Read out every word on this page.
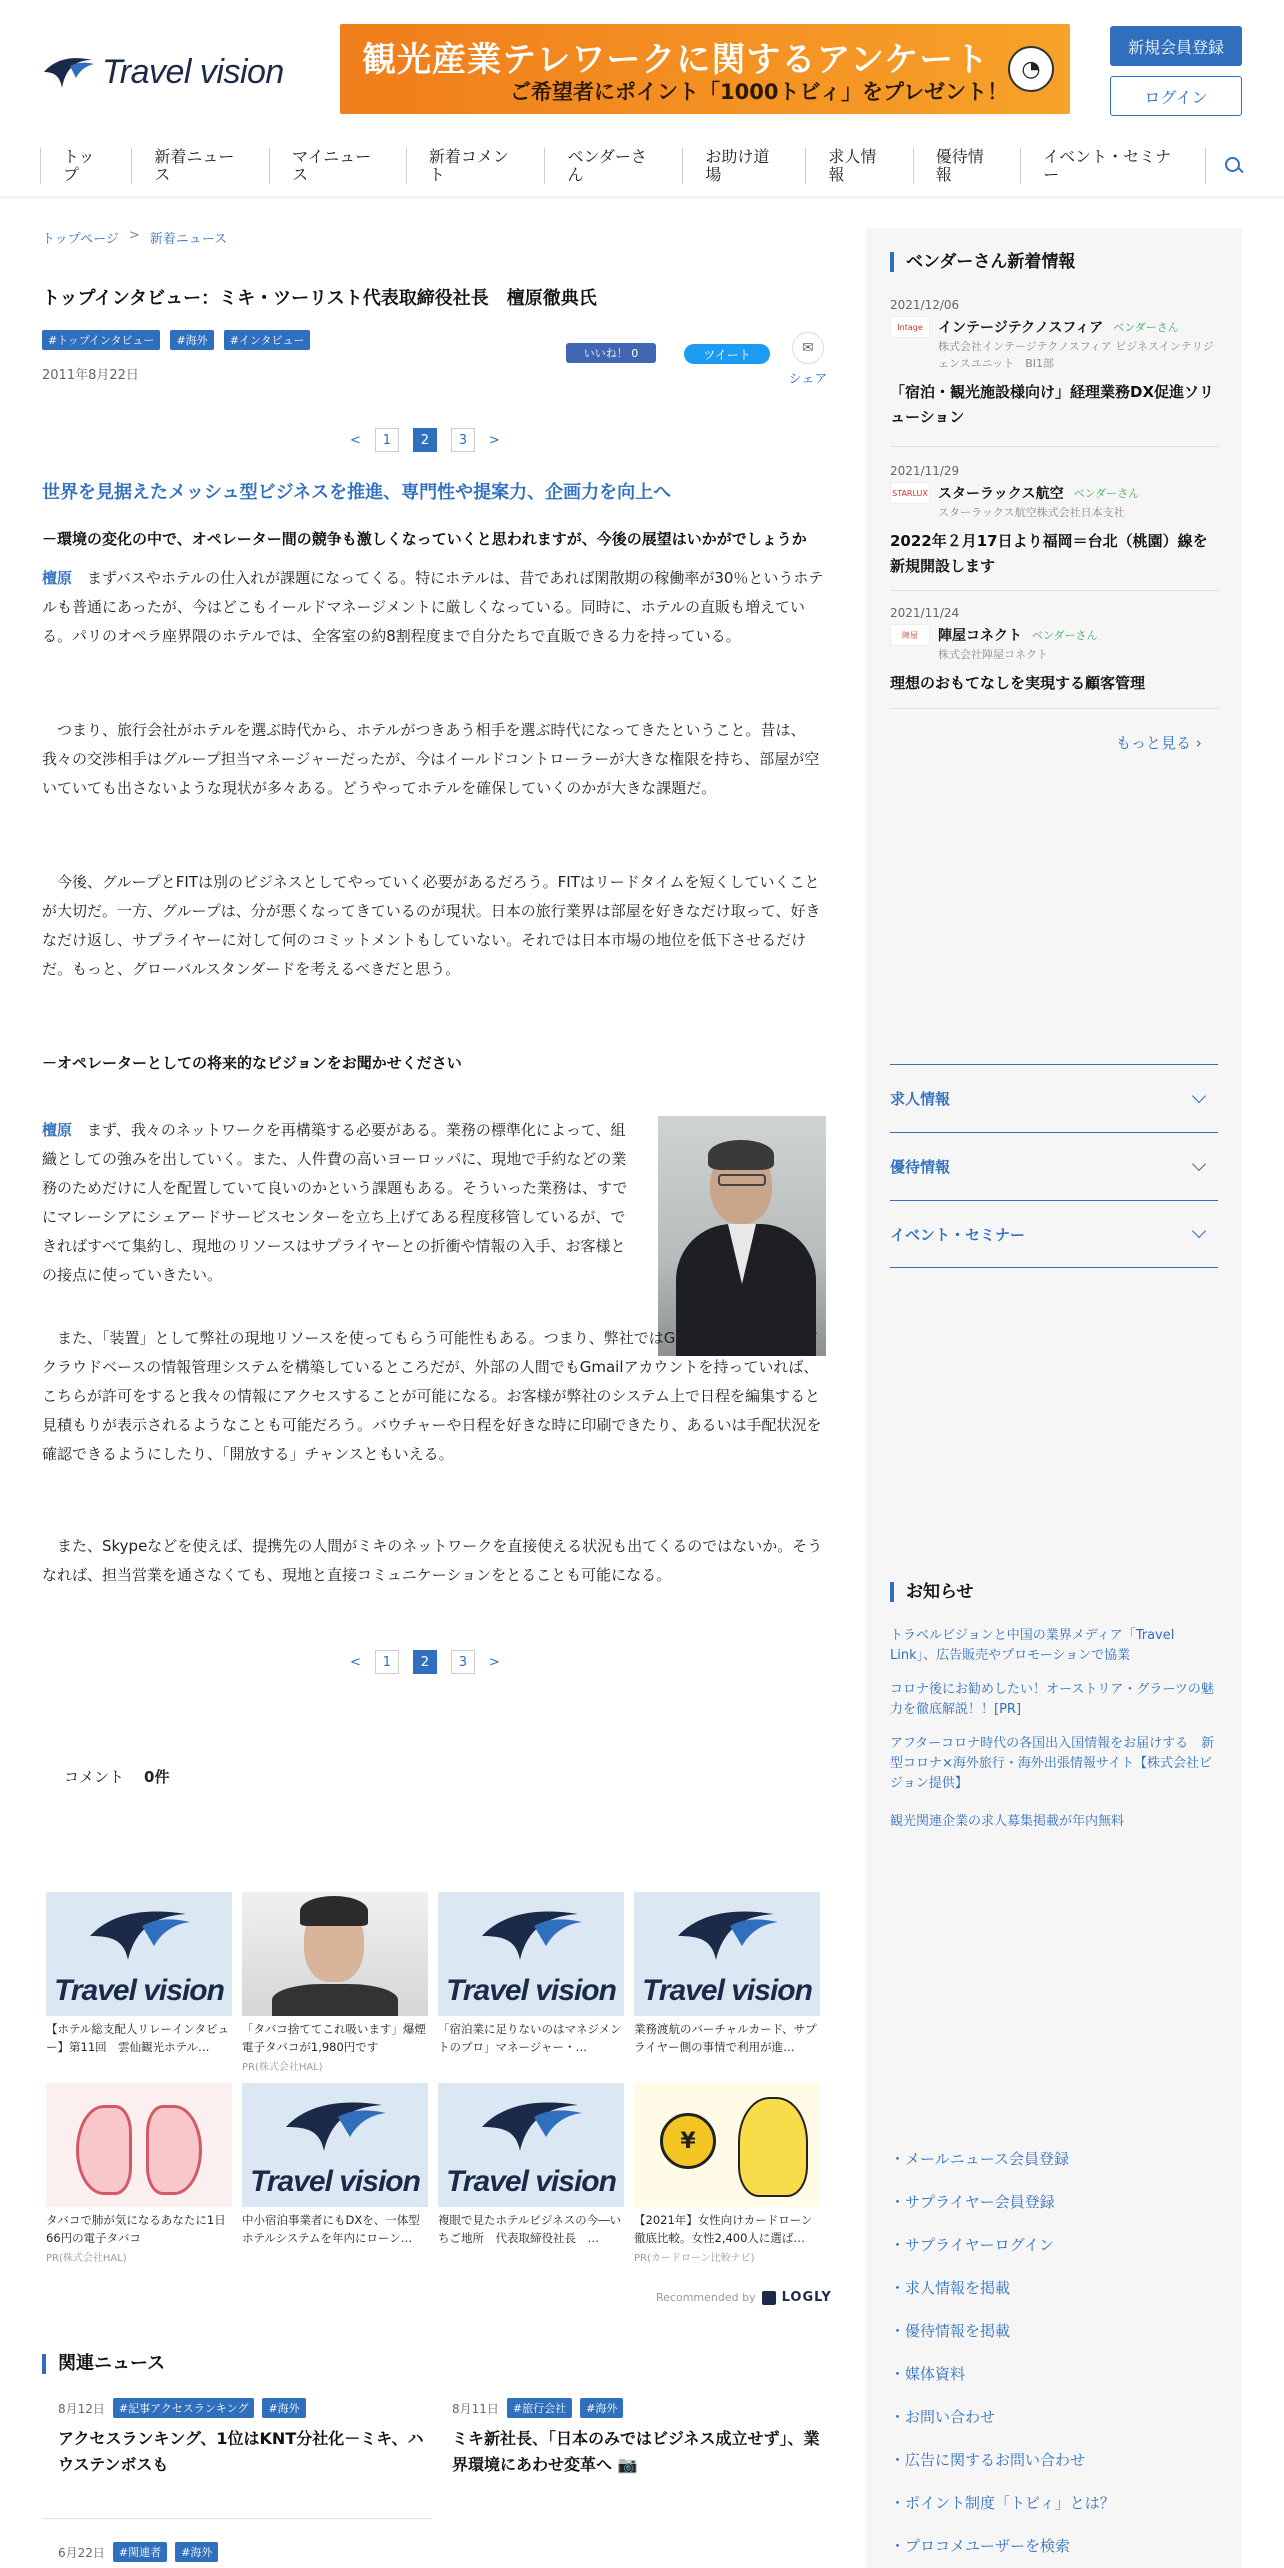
Travel vision 観光産業テレワークに関するアンケート
ご希望者にポイント「1000トビィ」をプレゼント！
◔
新規会員登録
ログイン
トップ
新着ニュース
マイニュース
新着コメント
ベンダーさん
お助け道場
求人情報
優待情報
イベント・セミナー
トップページ > 新着ニュース
トップインタビュー：ミキ・ツーリスト代表取締役社長　檀原徹典氏
#トップインタビュー	#海外	#インタビュー
2011年8月22日
いいね！ 0	ツイート	✉
シェア
<	1	2	3	>
世界を見据えたメッシュ型ビジネスを推進、専門性や提案力、企画力を向上へ
－環境の変化の中で、オペレーター間の競争も激しくなっていくと思われますが、今後の展望はいかがでしょうか

檀原　 まずバスやホテルの仕入れが課題になってくる。特にホテルは、昔であれば閑散期の稼働率が30％というホテルも普通にあったが、今はどこもイールドマネージメントに厳しくなっている。同時に、ホテルの直販も増えている。パリのオペラ座界隈のホテルでは、全客室の約8割程度まで自分たちで直販できる力を持っている。

つまり、旅行会社がホテルを選ぶ時代から、ホテルがつきあう相手を選ぶ時代になってきたということ。昔は、我々の交渉相手はグループ担当マネージャーだったが、今はイールドコントローラーが大きな権限を持ち、部屋が空いていても出さないような現状が多々ある。どうやってホテルを確保していくのかが大きな課題だ。

今後、グループとFITは別のビジネスとしてやっていく必要があるだろう。FITはリードタイムを短くしていくことが大切だ。一方、グループは、分が悪くなってきているのが現状。日本の旅行業界は部屋を好きなだけ取って、好きなだけ返し、サプライヤーに対して何のコミットメントもしていない。それでは日本市場の地位を低下させるだけだ。もっと、グローバルスタンダードを考えるべきだと思う。

－オペレーターとしての将来的なビジョンをお聞かせください

檀原　 まず、我々のネットワークを再構築する必要がある。業務の標準化によって、組織としての強みを出していく。また、人件費の高いヨーロッパに、現地で手約などの業務のためだけに人を配置していて良いのかという課題もある。そういった業務は、すでにマレーシアにシェアードサービスセンターを立ち上げてある程度移管しているが、できればすべて集約し、現地のリソースはサプライヤーとの折衝や情報の入手、お客様との接点に使っていきたい。

また、「装置」として弊社の現地リソースを使ってもらう可能性もある。つまり、弊社ではGoogle Appsを使ってクラウドベースの情報管理システムを構築しているところだが、外部の人間でもGmailアカウントを持っていれば、こちらが許可をすると我々の情報にアクセスすることが可能になる。お客様が弊社のシステム上で日程を編集すると見積もりが表示されるようなことも可能だろう。バウチャーや日程を好きな時に印刷できたり、あるいは手配状況を確認できるようにしたり、「開放する」チャンスともいえる。

また、Skypeなどを使えば、提携先の人間がミキのネットワークを直接使える状況も出てくるのではないか。そうなれば、担当営業を通さなくても、現地と直接コミュニケーションをとることも可能になる。

<	1	2	3	>
コメント 0件
Travel vision
【ホテル総支配人リレーインタビュー】第11回　雲仙観光ホテル…
「タバコ捨ててこれ吸います」爆煙電子タバコが1,980円です
PR(株式会社HAL)
Travel vision
「宿泊業に足りないのはマネジメントのプロ」マネージャー・…
Travel vision
業務渡航のバーチャルカード、サプライヤー側の事情で利用が進…
タバコで肺が気になるあなたに1日66円の電子タバコ
PR(株式会社HAL)
Travel vision
中小宿泊事業者にもDXを、一体型ホテルシステムを年内にローン…
Travel vision
複眼で見たホテルビジネスの今―いちご地所　代表取締役社長　…
¥
【2021年】女性向けカードローン徹底比較。女性2,400人に選ば…
PR(カードローン比較ナビ)
Recommended by LOGLY
関連ニュース
8月12日	#記事アクセスランキング	#海外
アクセスランキング、1位はKNT分社化－ミキ、ハウステンボスも
8月11日	#旅行会社	#海外
ミキ新社長、「日本のみではビジネス成立せず」、業界環境にあわせ変革へ 📷
6月22日	#関連者	#海外
ベンダーさん新着情報
2021/12/06
Intage	インテージテクノスフィア ベンダーさん
株式会社インテージテクノスフィア ビジネスインテリジェンスユニット　BI1部
「宿泊・観光施設様向け」経理業務DX促進ソリューション
2021/11/29
STARLUX スターラックス航空 ベンダーさん
スターラックス航空株式会社日本支社
2022年２月17日より福岡＝台北（桃園）線を新規開設します
2021/11/24
陣屋	陣屋コネクト ベンダーさん
株式会社陣屋コネクト
理想のおもてなしを実現する顧客管理
もっと見る ›
求人情報
優待情報
イベント・セミナー
お知らせ
トラベルビジョンと中国の業界メディア「Travel Link」、広告販売やプロモーションで協業
コロナ後にお勧めしたい！オーストリア・グラーツの魅力を徹底解説！！[PR]
アフターコロナ時代の各国出入国情報をお届けする　新型コロナ×海外旅行・海外出張情報サイト【株式会社ビジョン提供】
観光関連企業の求人募集掲載が年内無料
・ メールニュース会員登録
・ サプライヤー会員登録
・ サプライヤーログイン
・ 求人情報を掲載
・ 優待情報を掲載
・ 媒体資料
・ お問い合わせ
・ 広告に関するお問い合わせ
・ ポイント制度「トビィ」とは？
・ プロコメユーザーを検索
